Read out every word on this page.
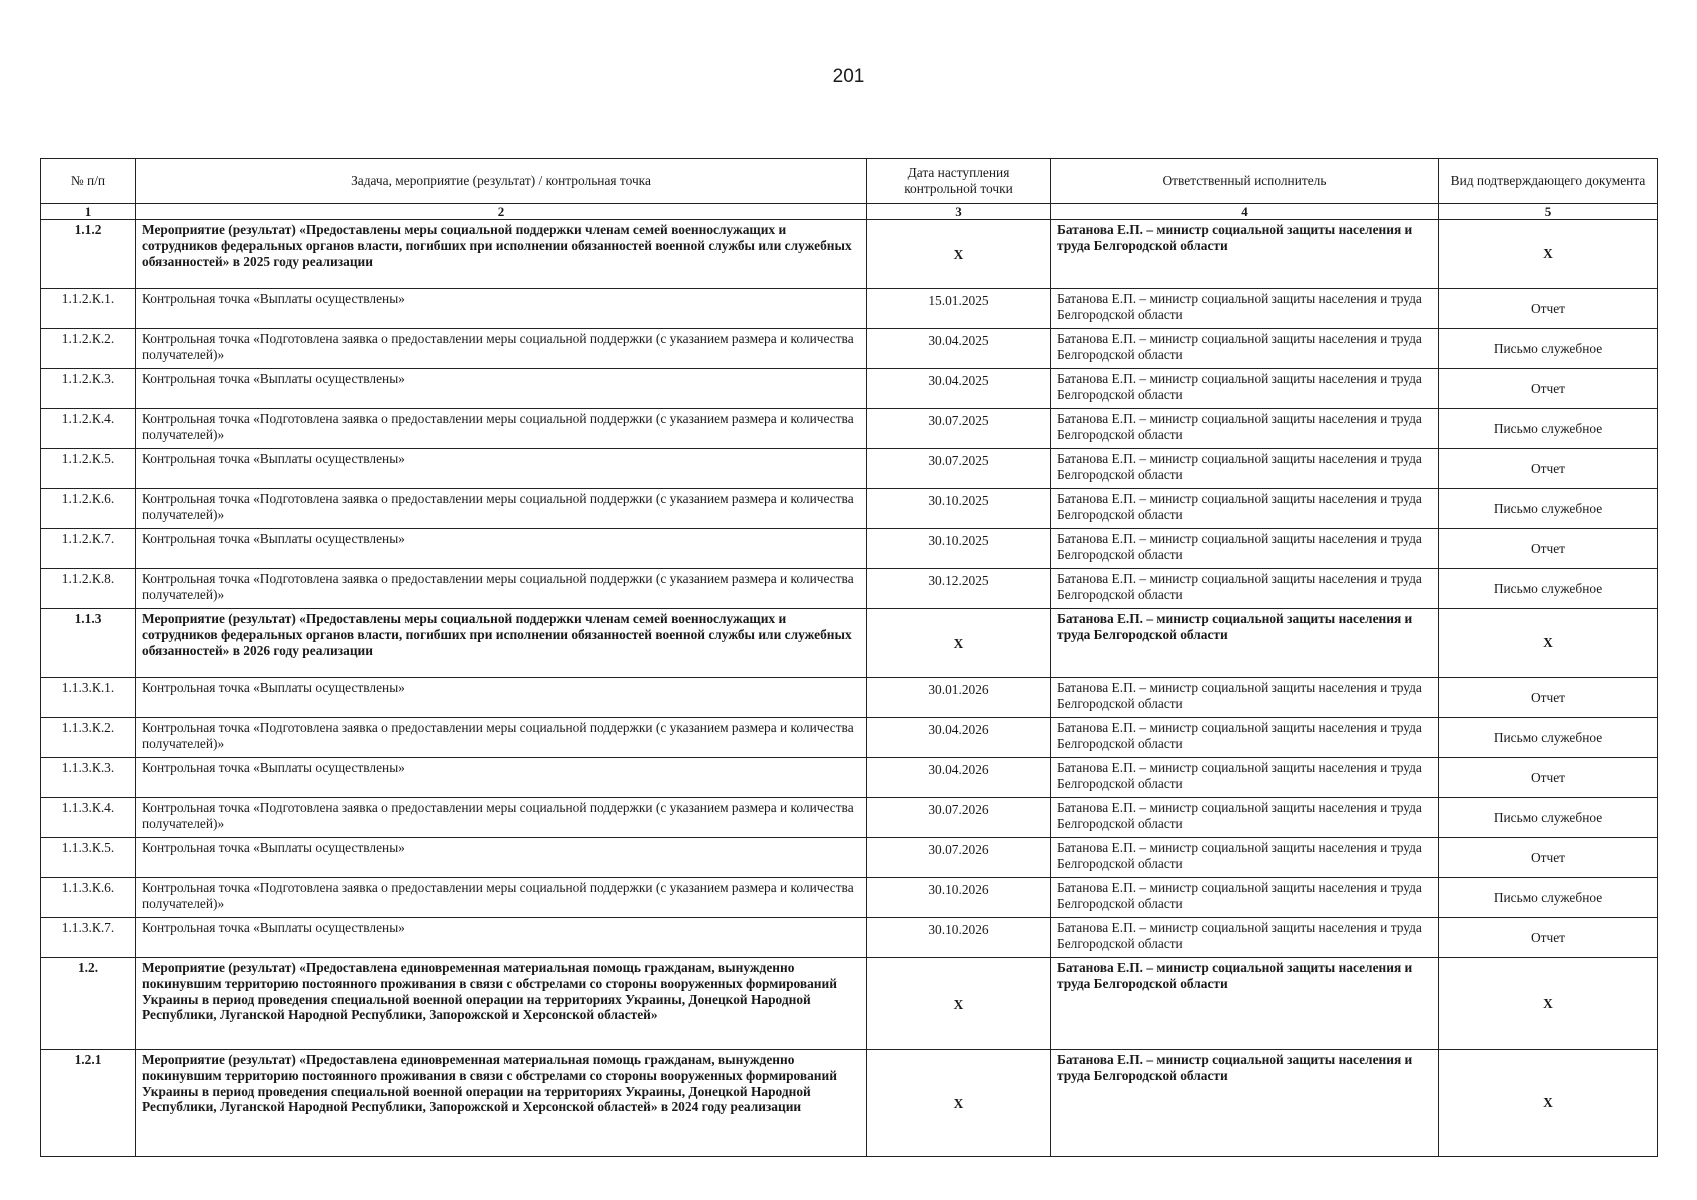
201
№ п/п	Задача, мероприятие (результат) / контрольная точка	Дата наступления контрольной точки	Ответственный исполнитель	Вид подтверждающего документа
1	2	3	4	5
1.1.2	Мероприятие (результат) «Предоставлены меры социальной поддержки членам семей военнослужащих и сотрудников федеральных органов власти, погибших при исполнении обязанностей военной службы или служебных обязанностей» в 2025 году реализации	X	Батанова Е.П. – министр социальной защиты населения и труда Белгородской области	X
1.1.2.К.1.	Контрольная точка «Выплаты осуществлены»	15.01.2025	Батанова Е.П. – министр социальной защиты населения и труда Белгородской области	Отчет
1.1.2.К.2.	Контрольная точка «Подготовлена заявка о предоставлении меры социальной поддержки (с указанием размера и количества получателей)»	30.04.2025	Батанова Е.П. – министр социальной защиты населения и труда Белгородской области	Письмо служебное
1.1.2.К.3.	Контрольная точка «Выплаты осуществлены»	30.04.2025	Батанова Е.П. – министр социальной защиты населения и труда Белгородской области	Отчет
1.1.2.К.4.	Контрольная точка «Подготовлена заявка о предоставлении меры социальной поддержки (с указанием размера и количества получателей)»	30.07.2025	Батанова Е.П. – министр социальной защиты населения и труда Белгородской области	Письмо служебное
1.1.2.К.5.	Контрольная точка «Выплаты осуществлены»	30.07.2025	Батанова Е.П. – министр социальной защиты населения и труда Белгородской области	Отчет
1.1.2.К.6.	Контрольная точка «Подготовлена заявка о предоставлении меры социальной поддержки (с указанием размера и количества получателей)»	30.10.2025	Батанова Е.П. – министр социальной защиты населения и труда Белгородской области	Письмо служебное
1.1.2.К.7.	Контрольная точка «Выплаты осуществлены»	30.10.2025	Батанова Е.П. – министр социальной защиты населения и труда Белгородской области	Отчет
1.1.2.К.8.	Контрольная точка «Подготовлена заявка о предоставлении меры социальной поддержки (с указанием размера и количества получателей)»	30.12.2025	Батанова Е.П. – министр социальной защиты населения и труда Белгородской области	Письмо служебное
1.1.3	Мероприятие (результат) «Предоставлены меры социальной поддержки членам семей военнослужащих и сотрудников федеральных органов власти, погибших при исполнении обязанностей военной службы или служебных обязанностей» в 2026 году реализации	X	Батанова Е.П. – министр социальной защиты населения и труда Белгородской области	X
1.1.3.К.1.	Контрольная точка «Выплаты осуществлены»	30.01.2026	Батанова Е.П. – министр социальной защиты населения и труда Белгородской области	Отчет
1.1.3.К.2.	Контрольная точка «Подготовлена заявка о предоставлении меры социальной поддержки (с указанием размера и количества получателей)»	30.04.2026	Батанова Е.П. – министр социальной защиты населения и труда Белгородской области	Письмо служебное
1.1.3.К.3.	Контрольная точка «Выплаты осуществлены»	30.04.2026	Батанова Е.П. – министр социальной защиты населения и труда Белгородской области	Отчет
1.1.3.К.4.	Контрольная точка «Подготовлена заявка о предоставлении меры социальной поддержки (с указанием размера и количества получателей)»	30.07.2026	Батанова Е.П. – министр социальной защиты населения и труда Белгородской области	Письмо служебное
1.1.3.К.5.	Контрольная точка «Выплаты осуществлены»	30.07.2026	Батанова Е.П. – министр социальной защиты населения и труда Белгородской области	Отчет
1.1.3.К.6.	Контрольная точка «Подготовлена заявка о предоставлении меры социальной поддержки (с указанием размера и количества получателей)»	30.10.2026	Батанова Е.П. – министр социальной защиты населения и труда Белгородской области	Письмо служебное
1.1.3.К.7.	Контрольная точка «Выплаты осуществлены»	30.10.2026	Батанова Е.П. – министр социальной защиты населения и труда Белгородской области	Отчет
1.2.	Мероприятие (результат) «Предоставлена единовременная материальная помощь гражданам, вынужденно покинувшим территорию постоянного проживания в связи с обстрелами со стороны вооруженных формирований Украины в период проведения специальной военной операции на территориях Украины, Донецкой Народной Республики, Луганской Народной Республики, Запорожской и Херсонской областей»	X	Батанова Е.П. – министр социальной защиты населения и труда Белгородской области	X
1.2.1	Мероприятие (результат) «Предоставлена единовременная материальная помощь гражданам, вынужденно покинувшим территорию постоянного проживания в связи с обстрелами со стороны вооруженных формирований Украины в период проведения специальной военной операции на территориях Украины, Донецкой Народной Республики, Луганской Народной Республики, Запорожской и Херсонской областей» в 2024 году реализации	X	Батанова Е.П. – министр социальной защиты населения и труда Белгородской области	X
